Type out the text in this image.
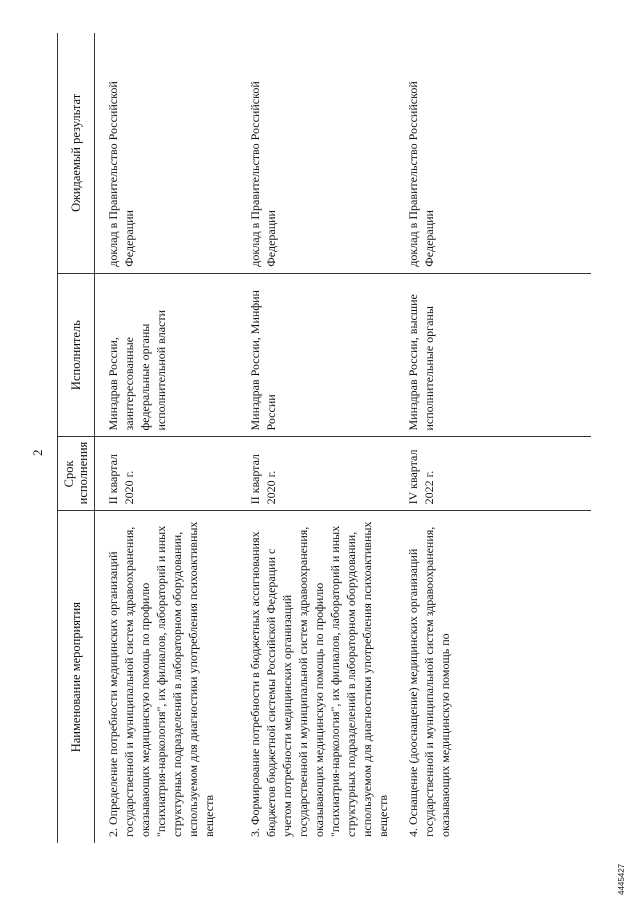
2
Наименование мероприятия	Срок исполнения	Исполнитель	Ожидаемый результат

2. Определение потребности медицинских организаций государственной и муниципальной систем здравоохранения, оказывающих медицинскую помощь по профилю "психиатрия-наркология", их филиалов, лабораторий и иных структурных подразделений в лабораторном оборудовании, используемом для диагностики употребления психоактивных веществ	II квартал 2020 г.	Минздрав России, заинтересованные федеральные органы исполнительной власти	доклад в Правительство Российской Федерации
3. Формирование потребности в бюджетных ассигнованиях бюджетов бюджетной системы Российской Федерации с учетом потребности медицинских организаций государственной и муниципальной систем здравоохранения, оказывающих медицинскую помощь по профилю "психиатрия-наркология", их филиалов, лабораторий и иных структурных подразделений в лабораторном оборудовании, используемом для диагностики употребления психоактивных веществ	II квартал 2020 г.	Минздрав России, Минфин России	доклад в Правительство Российской Федерации
4. Оснащение (дооснащение) медицинских организаций государственной и муниципальной систем здравоохранения, оказывающих медицинскую помощь по	IV квартал 2022 г.	Минздрав России, высшие исполнительные органы	доклад в Правительство Российской Федерации
4445427
